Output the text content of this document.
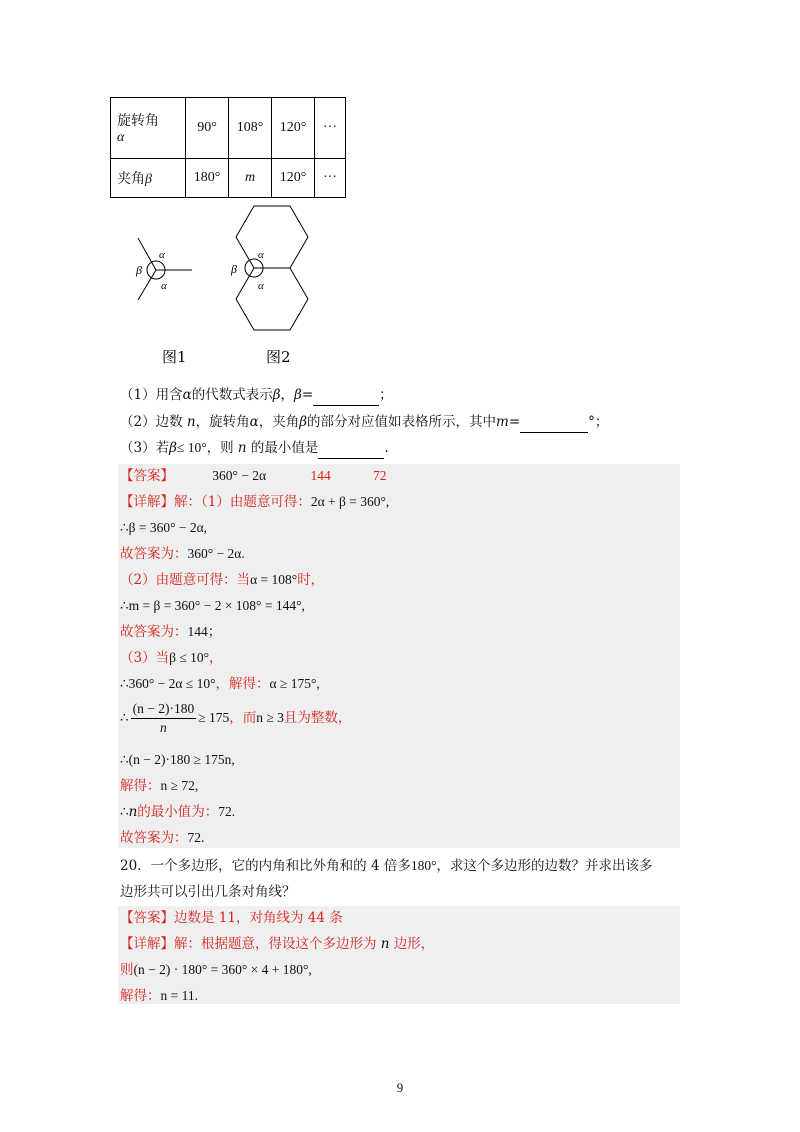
旋转角
α	90°	108°	120°	···
夹角β	180°	m	120°	···
α
α
β
图1
α
α
β
图2
（1）用含α的代数式表示β，β=	；
（2）边数 n，旋转角α，夹角β的部分对应值如表格所示，其中m=	°；
（3）若β≤ 10°，则 n 的最小值是	.
【答案】	360° − 2α	144	72
【详解】解：（1）由题意可得：2α + β = 360°,
∴β = 360° − 2α,
故答案为：360° − 2α.
（2）由题意可得：当α = 108°时，
∴m = β = 360° − 2 × 108° = 144°,
故答案为：144；
（3）当β ≤ 10°，
∴360° − 2α ≤ 10°，解得：α ≥ 175°,
∴ $\frac{(n - 2)\cdot 180}{n} \ge 175$，而n ≥ 3且为整数，
∴(n − 2)·180 ≥ 175n,
解得：n ≥ 72,
∴n的最小值为：72.
故答案为：72.
20．一个多边形，它的内角和比外角和的 4 倍多180°，求这个多边形的边数？并求出该多
边形共可以引出几条对角线？
【答案】边数是 11，对角线为 44 条
【详解】解：根据题意，得设这个多边形为 n 边形，
则(n − 2) · 180° = 360° × 4 + 180°,
解得：n = 11.
9
